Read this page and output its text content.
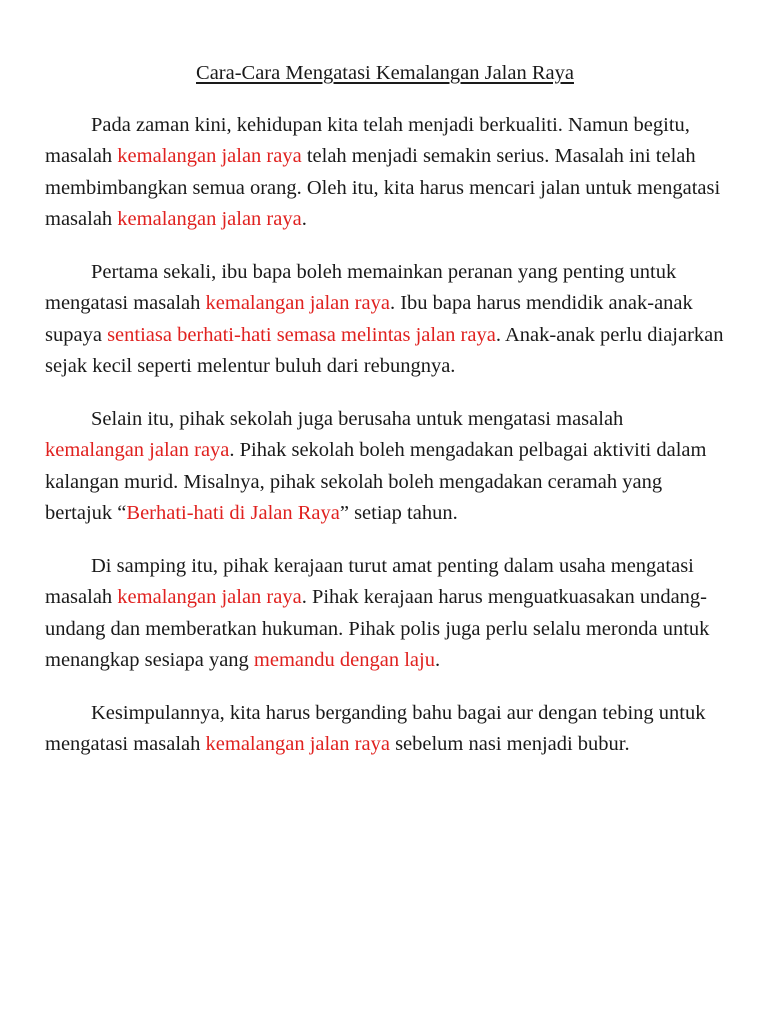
Cara-Cara Mengatasi Kemalangan Jalan Raya

Pada zaman kini, kehidupan kita telah menjadi berkualiti. Namun begitu, masalah kemalangan jalan raya telah menjadi semakin serius. Masalah ini telah membimbangkan semua orang. Oleh itu, kita harus mencari jalan untuk mengatasi masalah kemalangan jalan raya.

Pertama sekali, ibu bapa boleh memainkan peranan yang penting untuk mengatasi masalah kemalangan jalan raya. Ibu bapa harus mendidik anak-anak supaya sentiasa berhati-hati semasa melintas jalan raya. Anak-anak perlu diajarkan sejak kecil seperti melentur buluh dari rebungnya.

Selain itu, pihak sekolah juga berusaha untuk mengatasi masalah kemalangan jalan raya. Pihak sekolah boleh mengadakan pelbagai aktiviti dalam kalangan murid. Misalnya, pihak sekolah boleh mengadakan ceramah yang bertajuk “Berhati-hati di Jalan Raya” setiap tahun.

Di samping itu, pihak kerajaan turut amat penting dalam usaha mengatasi masalah kemalangan jalan raya. Pihak kerajaan harus menguatkuasakan undang-undang dan memberatkan hukuman. Pihak polis juga perlu selalu meronda untuk menangkap sesiapa yang memandu dengan laju.

Kesimpulannya, kita harus berganding bahu bagai aur dengan tebing untuk mengatasi masalah kemalangan jalan raya sebelum nasi menjadi bubur.
